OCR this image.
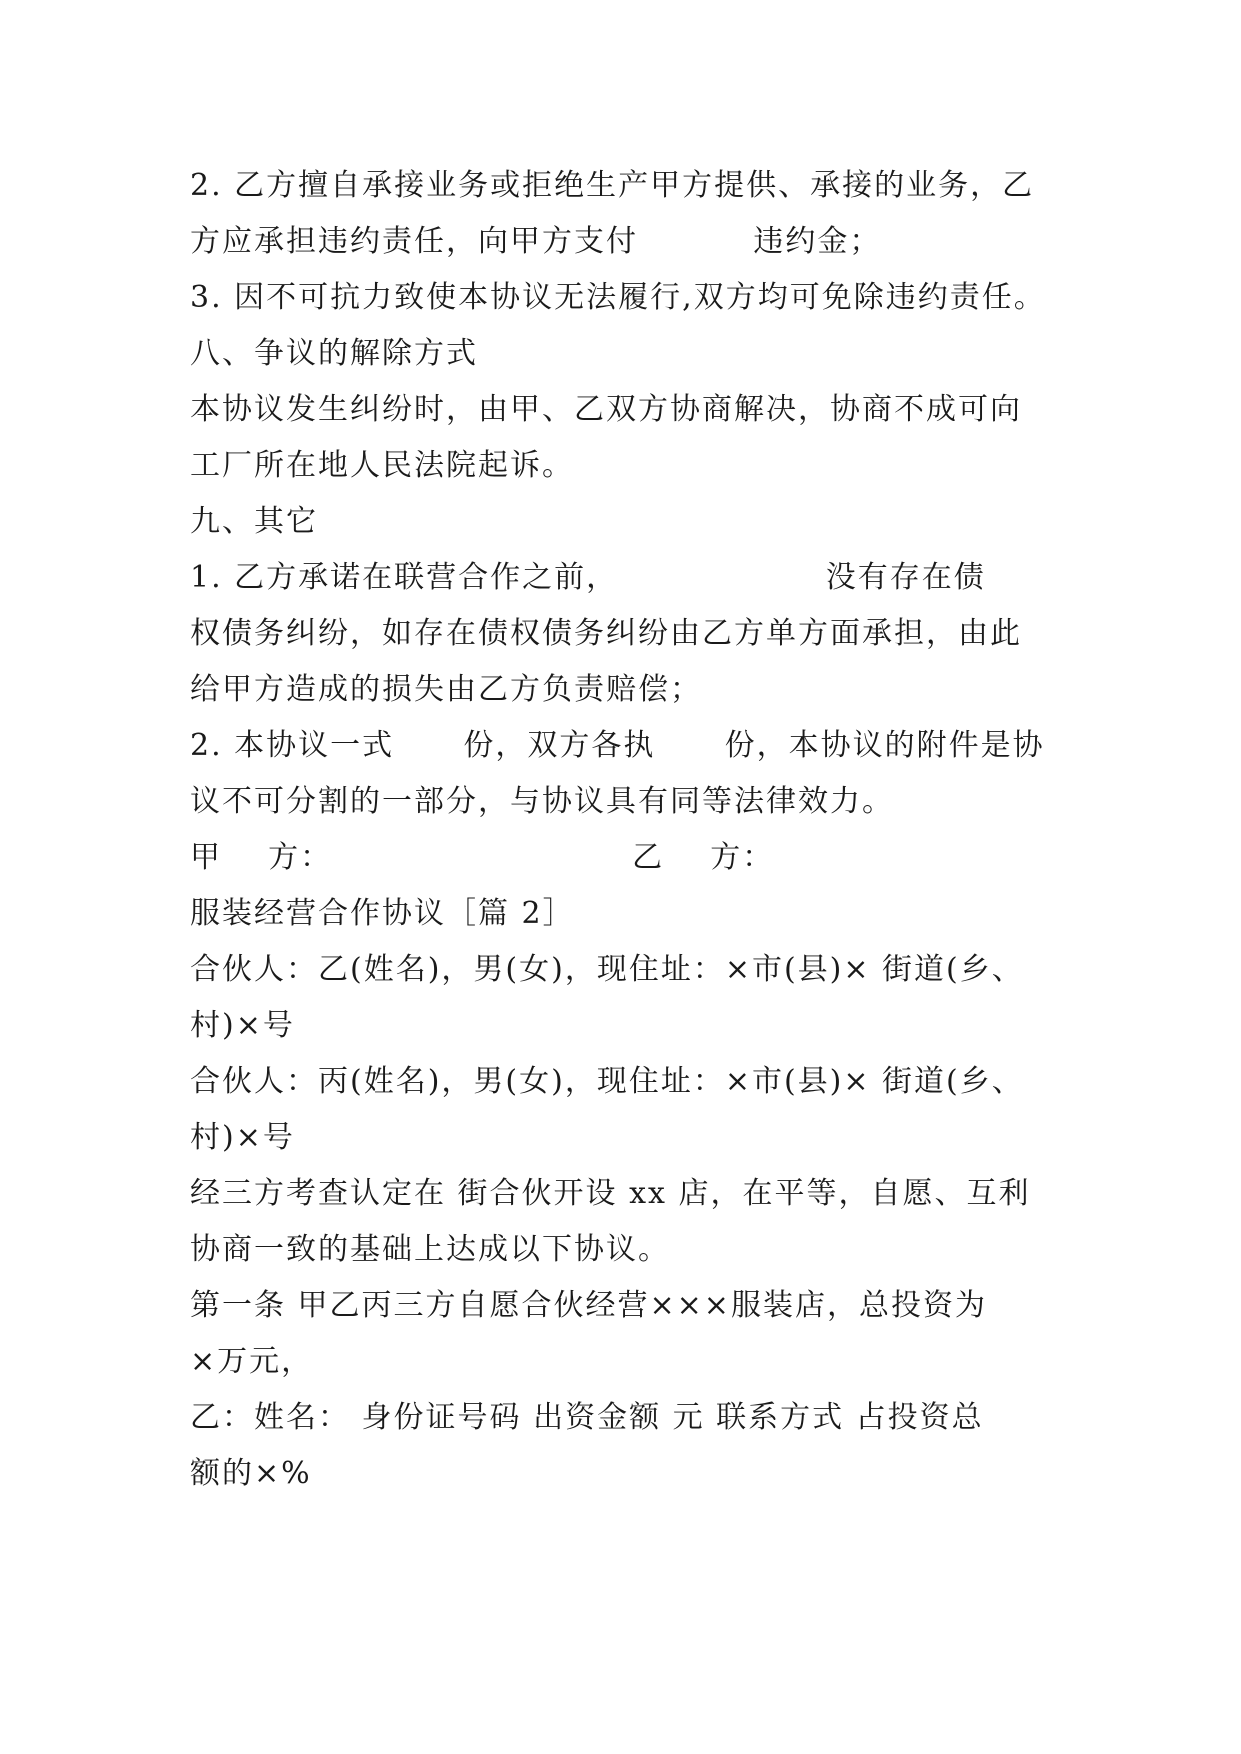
2. 乙方擅自承接业务或拒绝生产甲方提供、承接的业务，乙
方应承担违约责任，向甲方支付          违约金；
3. 因不可抗力致使本协议无法履行,双方均可免除违约责任。
八、争议的解除方式
本协议发生纠纷时，由甲、乙双方协商解决，协商不成可向
工厂所在地人民法院起诉。
九、其它
1. 乙方承诺在联营合作之前，                  没有存在债
权债务纠纷，如存在债权债务纠纷由乙方单方面承担，由此
给甲方造成的损失由乙方负责赔偿；
2. 本协议一式      份，双方各执      份，本协议的附件是协
议不可分割的一部分，与协议具有同等法律效力。
甲    方：                          乙    方：
服装经营合作协议［篇 2］
合伙人：乙(姓名)，男(女)，现住址：×市(县)× 街道(乡、
村)×号
合伙人：丙(姓名)，男(女)，现住址：×市(县)× 街道(乡、
村)×号
经三方考查认定在 街合伙开设 xx 店，在平等，自愿、互利
协商一致的基础上达成以下协议。
第一条 甲乙丙三方自愿合伙经营×××服装店，总投资为
×万元，
乙：姓名： 身份证号码 出资金额 元 联系方式 占投资总
额的×%
